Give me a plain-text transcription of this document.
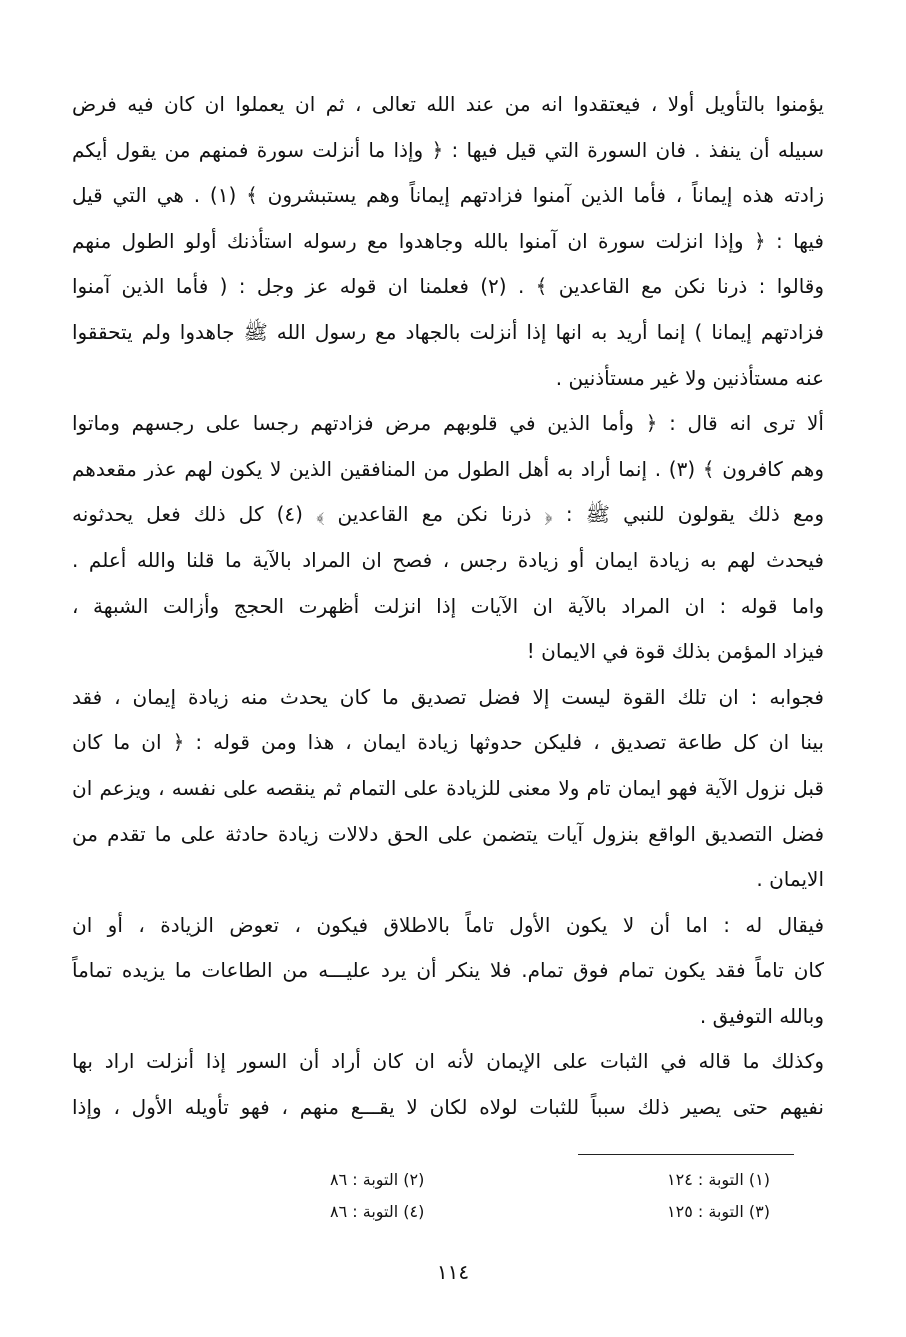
يؤمنوا بالتأويل أولا ، فيعتقدوا انه من عند الله تعالى ، ثم ان يعملوا ان كان فيه فرض
سبيله أن ينفذ . فان السورة التي قيل فيها : ﴿ وإذا ما أنزلت سورة فمنهم من يقول أيكم
زادته هذه إيماناً ، فأما الذين آمنوا فزادتهم إيماناً وهم يستبشرون ﴾ (١) . هي التي قيل
فيها : ﴿ وإذا انزلت سورة ان آمنوا بالله وجاهدوا مع رسوله استأذنك أولو الطول منهم
وقالوا : ذرنا نكن مع القاعدين ﴾ . (٢) فعلمنا ان قوله عز وجل : ( فأما الذين آمنوا
فزادتهم إيمانا ) إنما أريد به انها إذا أنزلت بالجهاد مع رسول الله ﷺ جاهدوا ولم يتحققوا
عنه مستأذنين ولا غير مستأذنين .
ألا ترى انه قال : ﴿ وأما الذين في قلوبهم مرض فزادتهم رجسا على رجسهم وماتوا
وهم كافرون ﴾ (٣) . إنما أراد به أهل الطول من المنافقين الذين لا يكون لهم عذر مقعدهم
ومع ذلك يقولون للنبي ﷺ : ﴿ ذرنا نكن مع القاعدين ﴾ (٤) كل ذلك فعل يحدثونه
فيحدث لهم به زيادة ايمان أو زيادة رجس ، فصح ان المراد بالآية ما قلنا والله أعلم .
واما قوله : ان المراد بالآية ان الآيات إذا انزلت أظهرت الحجج وأزالت الشبهة ،
فيزاد المؤمن بذلك قوة في الايمان !
فجوابه : ان تلك القوة ليست إلا فضل تصديق ما كان يحدث منه زيادة إيمان ، فقد
بينا ان كل طاعة تصديق ، فليكن حدوثها زيادة ايمان ، هذا ومن قوله : ﴿ ان ما كان
قبل نزول الآية فهو ايمان تام ولا معنى للزيادة على التمام ثم ينقصه على نفسه ، ويزعم ان
فضل التصديق الواقع بنزول آيات يتضمن على الحق دلالات زيادة حادثة على ما تقدم من
الايمان .
فيقال له : اما أن لا يكون الأول تاماً بالاطلاق فيكون ، تعوض الزيادة ، أو ان
كان تاماً فقد يكون تمام فوق تمام. فلا ينكر أن يرد عليـــه من الطاعات ما يزيده تماماً
وبالله التوفيق .
وكذلك ما قاله في الثبات على الإيمان لأنه ان كان أراد أن السور إذا أنزلت اراد بها
نفيهم حتى يصير ذلك سبباً للثبات لولاه لكان لا يقـــع منهم ، فهو تأويله الأول ، وإذا
(١) التوبة : ١٢٤
(٢) التوبة : ٨٦
(٣) التوبة : ١٢٥
(٤) التوبة : ٨٦
١١٤
